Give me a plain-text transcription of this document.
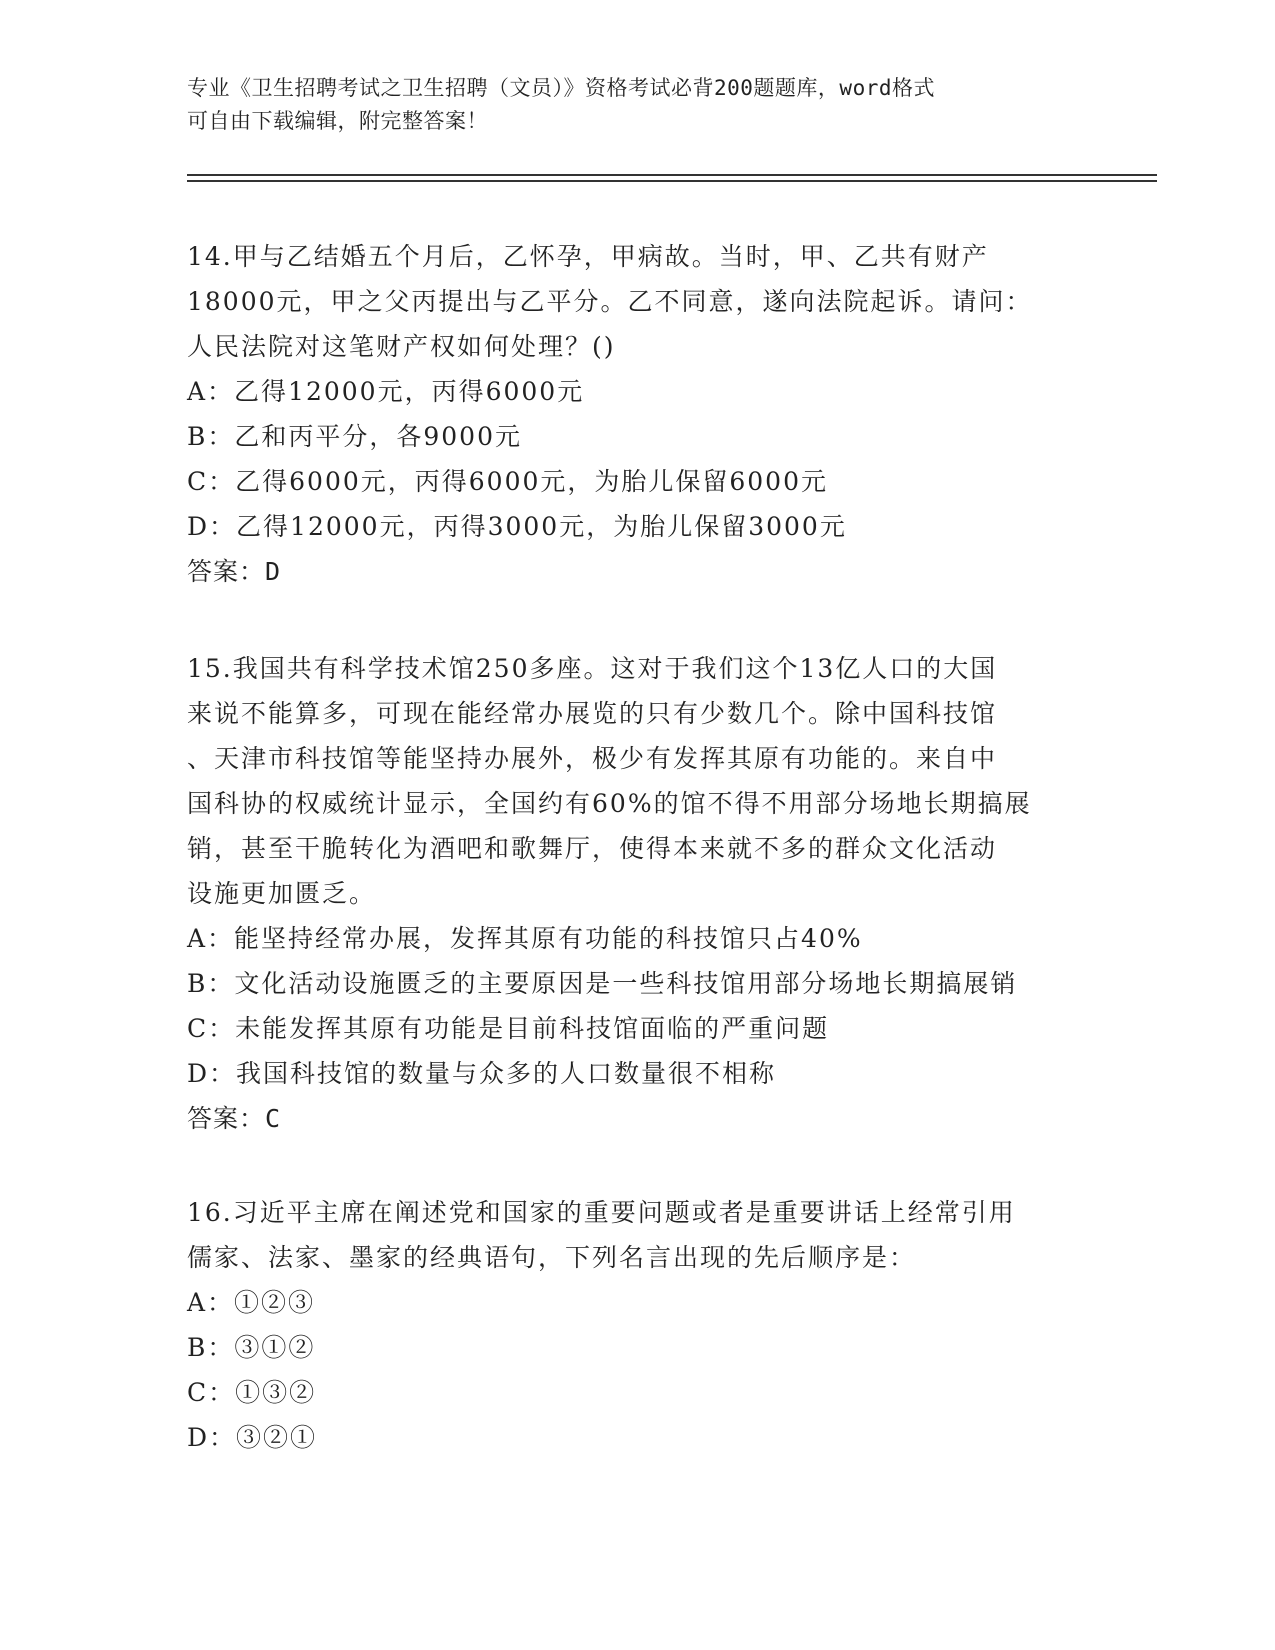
专业《卫生招聘考试之卫生招聘（文员）》资格考试必背200题题库，word格式
可自由下载编辑，附完整答案！
14.甲与乙结婚五个月后，乙怀孕，甲病故。当时，甲、乙共有财产
18000元，甲之父丙提出与乙平分。乙不同意，遂向法院起诉。请问：
人民法院对这笔财产权如何处理？()
A：乙得12000元，丙得6000元
B：乙和丙平分，各9000元
C：乙得6000元，丙得6000元，为胎儿保留6000元
D：乙得12000元，丙得3000元，为胎儿保留3000元
答案：D
15.我国共有科学技术馆250多座。这对于我们这个13亿人口的大国
来说不能算多，可现在能经常办展览的只有少数几个。除中国科技馆
、天津市科技馆等能坚持办展外，极少有发挥其原有功能的。来自中
国科协的权威统计显示，全国约有60%的馆不得不用部分场地长期搞展
销，甚至干脆转化为酒吧和歌舞厅，使得本来就不多的群众文化活动
设施更加匮乏。
A：能坚持经常办展，发挥其原有功能的科技馆只占40%
B：文化活动设施匮乏的主要原因是一些科技馆用部分场地长期搞展销
C：未能发挥其原有功能是目前科技馆面临的严重问题
D：我国科技馆的数量与众多的人口数量很不相称
答案：C
16.习近平主席在阐述党和国家的重要问题或者是重要讲话上经常引用
儒家、法家、墨家的经典语句，下列名言出现的先后顺序是：
A：①②③
B：③①②
C：①③②
D：③②①
